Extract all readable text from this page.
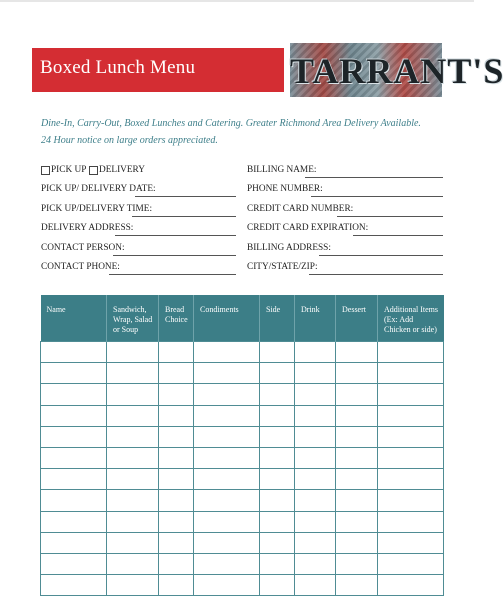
Boxed Lunch Menu	TARRANT'S
Dine-In, Carry-Out, Boxed Lunches and Catering. Greater Richmond Area Delivery Available.
24 Hour notice on large orders appreciated.
PICK UP DELIVERY
PICK UP/ DELIVERY DATE:
PICK UP/DELIVERY TIME:
DELIVERY ADDRESS:
CONTACT PERSON:
CONTACT PHONE:
BILLING NAME:
PHONE NUMBER:
CREDIT CARD NUMBER:
CREDIT CARD EXPIRATION:
BILLING ADDRESS:
CITY/STATE/ZIP:
Name	Sandwich, Wrap, Salad or Soup	Bread Choice	Condiments	Side	Drink	Dessert	Additional Items (Ex: Add Chicken or side)
